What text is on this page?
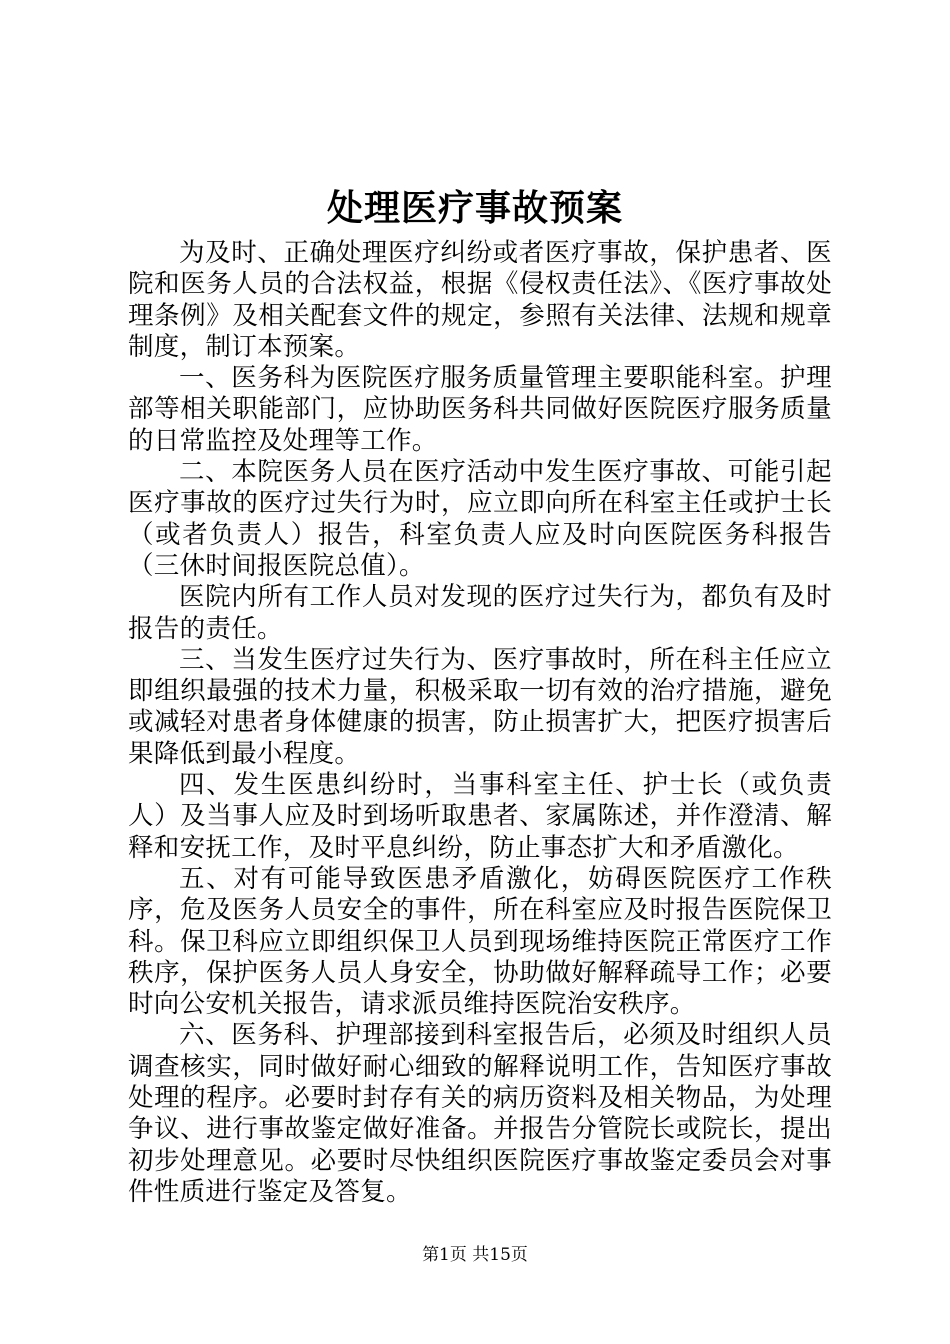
处理医疗事故预案

为及时、正确处理医疗纠纷或者医疗事故，保护患者、医院和医务人员的合法权益，根据《侵权责任法》、《医疗事故处理条例》及相关配套文件的规定，参照有关法律、法规和规章制度，制订本预案。

一、医务科为医院医疗服务质量管理主要职能科室。护理部等相关职能部门，应协助医务科共同做好医院医疗服务质量的日常监控及处理等工作。

二、本院医务人员在医疗活动中发生医疗事故、可能引起医疗事故的医疗过失行为时，应立即向所在科室主任或护士长（或者负责人）报告，科室负责人应及时向医院医务科报告（三休时间报医院总值）。

医院内所有工作人员对发现的医疗过失行为，都负有及时报告的责任。

三、当发生医疗过失行为、医疗事故时，所在科主任应立即组织最强的技术力量，积极采取一切有效的治疗措施，避免或减轻对患者身体健康的损害，防止损害扩大，把医疗损害后果降低到最小程度。

四、发生医患纠纷时，当事科室主任、护士长（或负责人）及当事人应及时到场听取患者、家属陈述，并作澄清、解释和安抚工作，及时平息纠纷，防止事态扩大和矛盾激化。

五、对有可能导致医患矛盾激化，妨碍医院医疗工作秩序，危及医务人员安全的事件，所在科室应及时报告医院保卫科。保卫科应立即组织保卫人员到现场维持医院正常医疗工作秩序，保护医务人员人身安全，协助做好解释疏导工作；必要时向公安机关报告，请求派员维持医院治安秩序。

六、医务科、护理部接到科室报告后，必须及时组织人员调查核实，同时做好耐心细致的解释说明工作，告知医疗事故处理的程序。必要时封存有关的病历资料及相关物品，为处理争议、进行事故鉴定做好准备。并报告分管院长或院长，提出初步处理意见。必要时尽快组织医院医疗事故鉴定委员会对事件性质进行鉴定及答复。

第1页 共15页
